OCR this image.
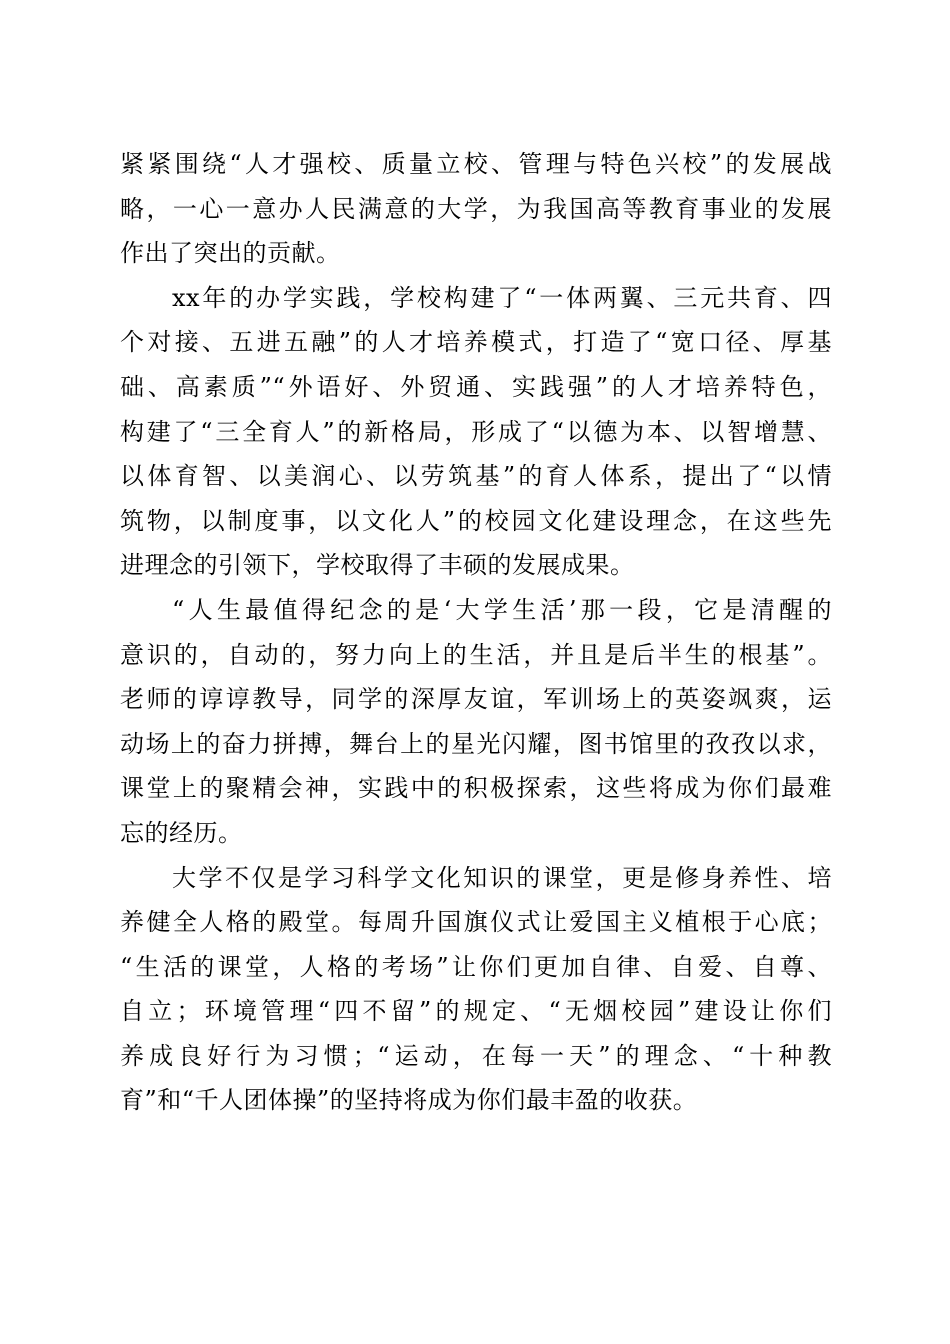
紧紧围绕“人才强校、质量立校、管理与特色兴校”的发展战
略，一心一意办人民满意的大学，为我国高等教育事业的发展
作出了突出的贡献。

xx年的办学实践，学校构建了“一体两翼、三元共育、四
个对接、五进五融”的人才培养模式，打造了“宽口径、厚基
础、高素质”“外语好、外贸通、实践强”的人才培养特色，
构建了“三全育人”的新格局，形成了“以德为本、以智增慧、
以体育智、以美润心、以劳筑基”的育人体系，提出了“以情
筑物，以制度事，以文化人”的校园文化建设理念，在这些先
进理念的引领下，学校取得了丰硕的发展成果。

“人生最值得纪念的是‘大学生活’那一段，它是清醒的
意识的，自动的，努力向上的生活，并且是后半生的根基”。
老师的谆谆教导，同学的深厚友谊，军训场上的英姿飒爽，运
动场上的奋力拼搏，舞台上的星光闪耀，图书馆里的孜孜以求，
课堂上的聚精会神，实践中的积极探索，这些将成为你们最难
忘的经历。

大学不仅是学习科学文化知识的课堂，更是修身养性、培
养健全人格的殿堂。每周升国旗仪式让爱国主义植根于心底；
“生活的课堂，人格的考场”让你们更加自律、自爱、自尊、
自立；环境管理“四不留”的规定、“无烟校园”建设让你们
养成良好行为习惯；“运动，在每一天”的理念、“十种教
育”和“千人团体操”的坚持将成为你们最丰盈的收获。
